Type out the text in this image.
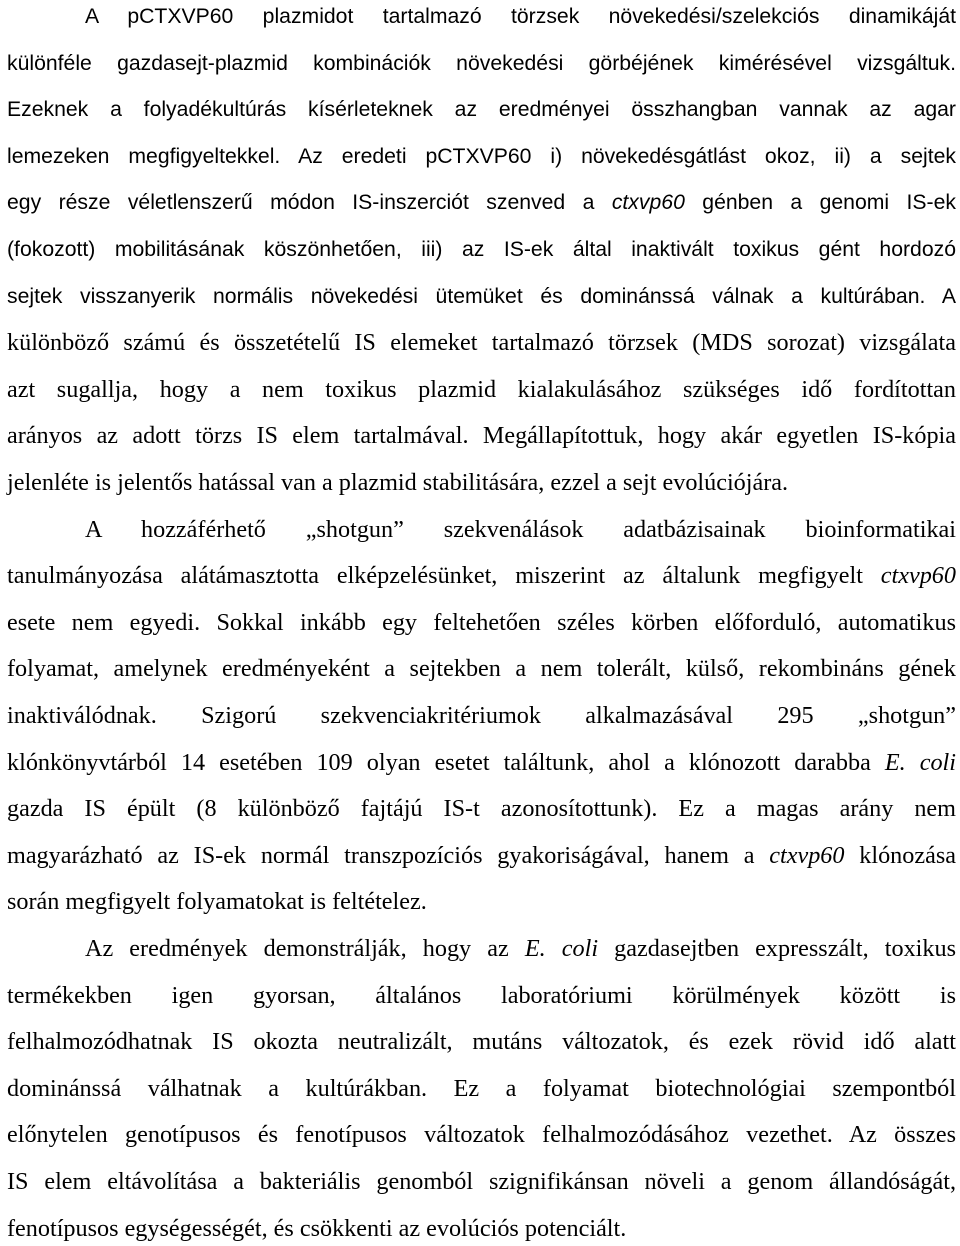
A pCTXVP60 plazmidot tartalmazó törzsek növekedési/szelekciós dinamikáját
különféle gazdasejt-plazmid kombinációk növekedési görbéjének kimérésével vizsgáltuk.
Ezeknek a folyadékultúrás kísérleteknek az eredményei összhangban vannak az agar
lemezeken megfigyeltekkel. Az eredeti pCTXVP60 i) növekedésgátlást okoz, ii) a sejtek
egy része véletlenszerű módon IS-inszerciót szenved a ctxvp60 génben a genomi IS-ek
(fokozott) mobilitásának köszönhetően, iii) az IS-ek által inaktivált toxikus gént hordozó
sejtek visszanyerik normális növekedési ütemüket és dominánssá válnak a kultúrában. A
különböző számú és összetételű IS elemeket tartalmazó törzsek (MDS sorozat) vizsgálata
azt sugallja, hogy a nem toxikus plazmid kialakulásához szükséges idő fordítottan
arányos az adott törzs IS elem tartalmával. Megállapítottuk, hogy akár egyetlen IS-kópia
jelenléte is jelentős hatással van a plazmid stabilitására, ezzel a sejt evolúciójára.
A hozzáférhető „shotgun” szekvenálások adatbázisainak bioinformatikai
tanulmányozása alátámasztotta elképzelésünket, miszerint az általunk megfigyelt ctxvp60
esete nem egyedi. Sokkal inkább egy feltehetően széles körben előforduló, automatikus
folyamat, amelynek eredményeként a sejtekben a nem tolerált, külső, rekombináns gének
inaktiválódnak. Szigorú szekvenciakritériumok alkalmazásával 295 „shotgun”
klónkönyvtárból 14 esetében 109 olyan esetet találtunk, ahol a klónozott darabba E. coli
gazda IS épült (8 különböző fajtájú IS-t azonosítottunk). Ez a magas arány nem
magyarázható az IS-ek normál transzpozíciós gyakoriságával, hanem a ctxvp60 klónozása
során megfigyelt folyamatokat is feltételez.
Az eredmények demonstrálják, hogy az E. coli gazdasejtben expresszált, toxikus
termékekben igen gyorsan, általános laboratóriumi körülmények között is
felhalmozódhatnak IS okozta neutralizált, mutáns változatok, és ezek rövid idő alatt
dominánssá válhatnak a kultúrákban. Ez a folyamat biotechnológiai szempontból
előnytelen genotípusos és fenotípusos változatok felhalmozódásához vezethet. Az összes
IS elem eltávolítása a bakteriális genomból szignifikánsan növeli a genom állandóságát,
fenotípusos egységességét, és csökkenti az evolúciós potenciált.
